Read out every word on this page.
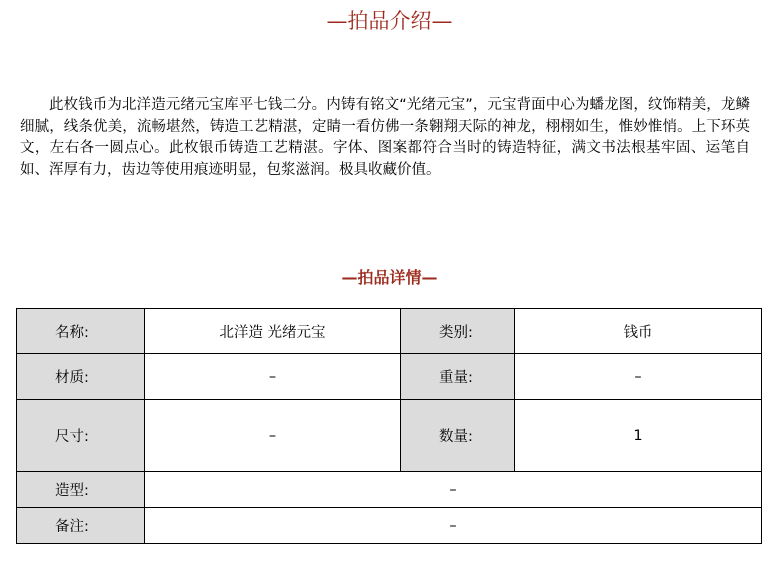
—拍品介绍—

此枚钱币为北洋造元绪元宝库平七钱二分。内铸有铭文“光绪元宝”，元宝背面中心为蟠龙图，纹饰精美，龙鳞细腻，线条优美，流畅堪然，铸造工艺精湛，定睛一看仿佛一条翱翔天际的神龙，栩栩如生，惟妙惟悄。上下环英文，左右各一圆点心。此枚银币铸造工艺精湛。字体、图案都符合当时的铸造特征，满文书法根基牢固、运笔自如、浑厚有力，齿边等使用痕迹明显，包浆滋润。极具收藏价值。

—拍品详情—
名称:	北洋造 光绪元宝	类别:	钱币
材质:	–	重量:	–
尺寸:	–	数量:	1
造型:	–		
备注:	–		
